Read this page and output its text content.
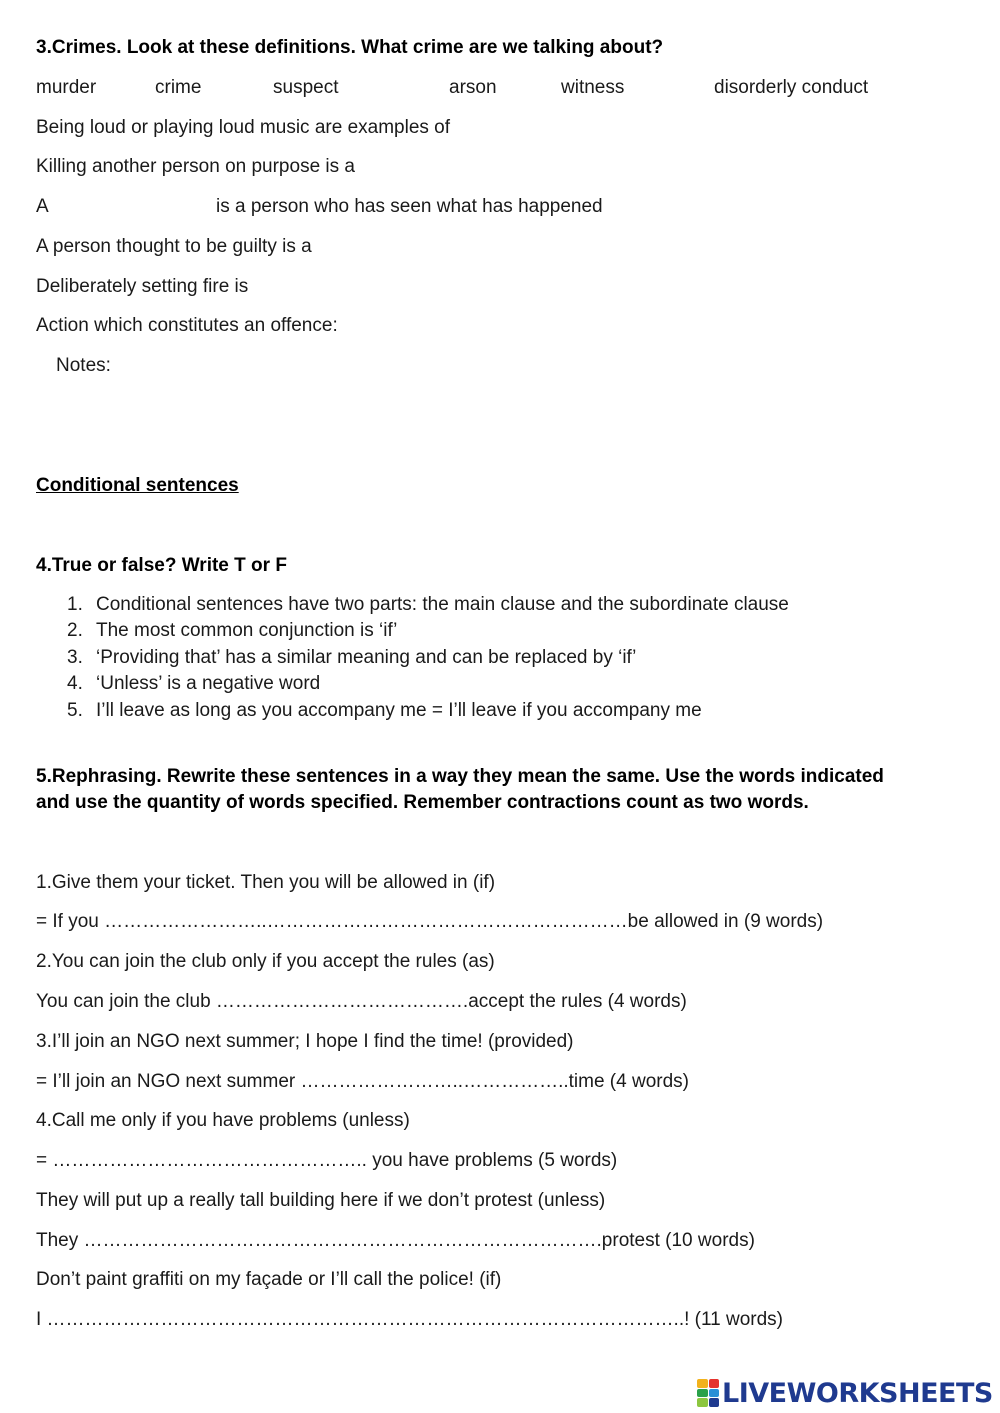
3.Crimes. Look at these definitions. What crime are we talking about?
murder	crime	suspect	arson	witness	disorderly conduct
Being loud or playing loud music are examples of
Killing another person on purpose is a
A	is a person who has seen what has happened
A person thought to be guilty is a
Deliberately setting fire is
Action which constitutes an offence:
Notes:
Conditional sentences
4.True or false? Write T or F
1. Conditional sentences have two parts: the main clause and the subordinate clause
2. The most common conjunction is ‘if’
3. ‘Providing that’ has a similar meaning and can be replaced by ‘if’
4. ‘Unless’ is a negative word
5. I’ll leave as long as you accompany me = I’ll leave if you accompany me
5.Rephrasing. Rewrite these sentences in a way they mean the same. Use the words indicated
and use the quantity of words specified. Remember contractions count as two words.
1.Give them your ticket. Then you will be allowed in (if)
= If you ……………………..…………………………………………………be allowed in (9 words)
2.You can join the club only if you accept the rules (as)
You can join the club ………………………………….accept the rules (4 words)
3.I’ll join an NGO next summer; I hope I find the time! (provided)
= I’ll join an NGO next summer ……………………..……………..time (4 words)
4.Call me only if you have problems (unless)
= ………………………………………….. you have problems (5 words)
They will put up a really tall building here if we don’t protest (unless)
They ……………………………………………………………………….protest (10 words)
Don’t paint graffiti on my façade or I’ll call the police! (if)
I ………………………………………………………………………………………..! (11 words)
LIVEWORKSHEETS
